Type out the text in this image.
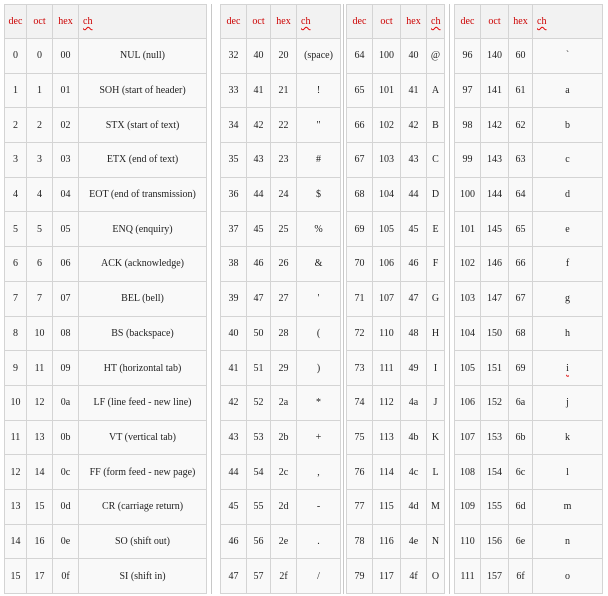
dec	oct	hex	ch
0	0	00	NUL (null)
1	1	01	SOH (start of header)
2	2	02	STX (start of text)
3	3	03	ETX (end of text)
4	4	04	EOT (end of transmission)
5	5	05	ENQ (enquiry)
6	6	06	ACK (acknowledge)
7	7	07	BEL (bell)
8	10	08	BS (backspace)
9	11	09	HT (horizontal tab)
10	12	0a	LF (line feed - new line)
11	13	0b	VT (vertical tab)
12	14	0c	FF (form feed - new page)
13	15	0d	CR (carriage return)
14	16	0e	SO (shift out)
15	17	0f	SI (shift in)
dec	oct	hex	ch
32	40	20	(space)
33	41	21	!
34	42	22	"
35	43	23	#
36	44	24	$
37	45	25	%
38	46	26	&
39	47	27	'
40	50	28	(
41	51	29	)
42	52	2a	*
43	53	2b	+
44	54	2c	,
45	55	2d	-
46	56	2e	.
47	57	2f	/
dec	oct	hex	ch
64	100	40	@
65	101	41	A
66	102	42	B
67	103	43	C
68	104	44	D
69	105	45	E
70	106	46	F
71	107	47	G
72	110	48	H
73	111	49	I
74	112	4a	J
75	113	4b	K
76	114	4c	L
77	115	4d	M
78	116	4e	N
79	117	4f	O
dec	oct	hex	ch
96	140	60	`
97	141	61	a
98	142	62	b
99	143	63	c
100	144	64	d
101	145	65	e
102	146	66	f
103	147	67	g
104	150	68	h
105	151	69	i
106	152	6a	j
107	153	6b	k
108	154	6c	l
109	155	6d	m
110	156	6e	n
111	157	6f	o
